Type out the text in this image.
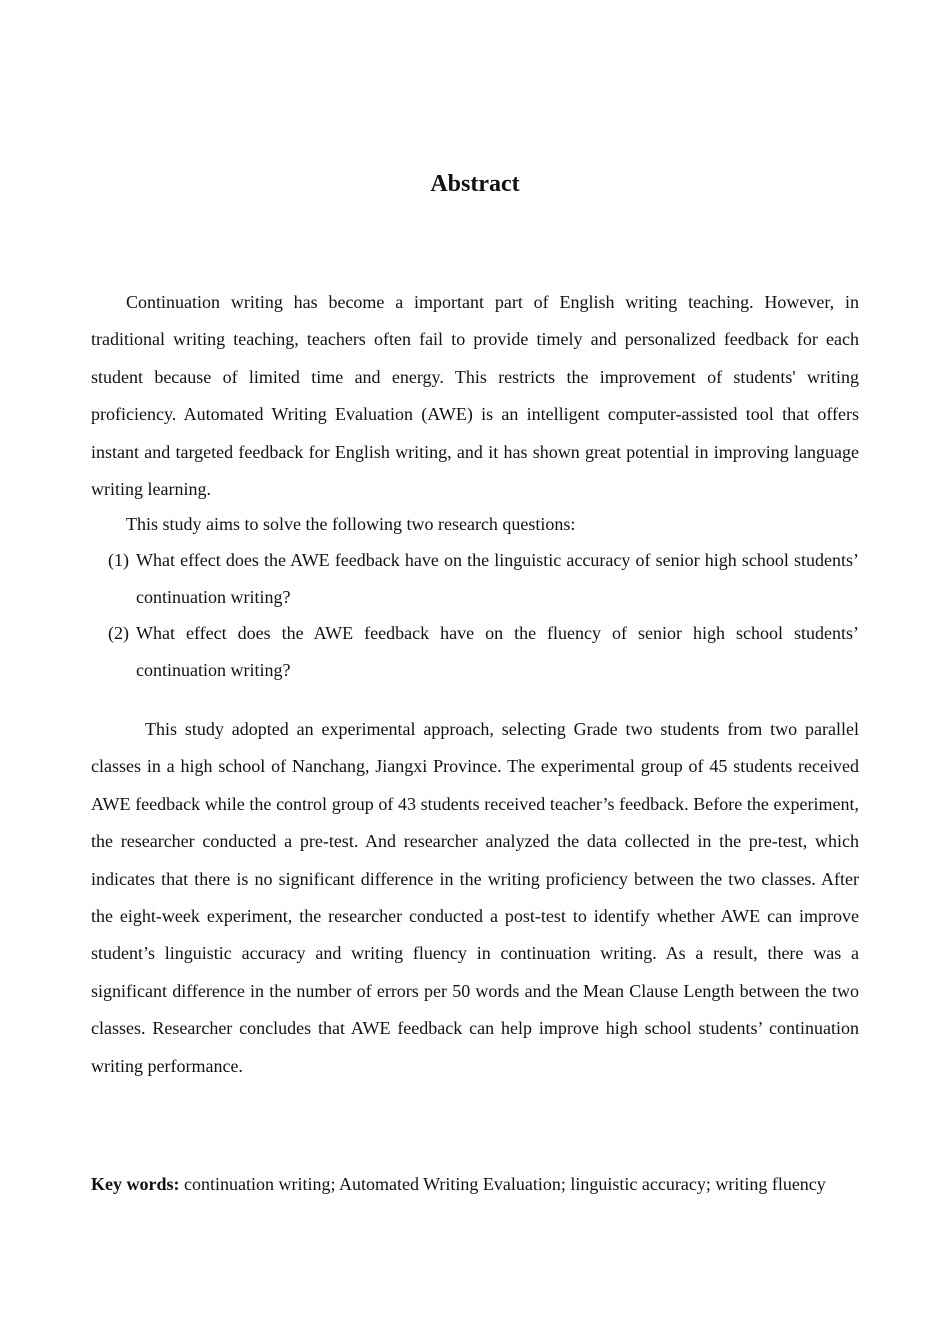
Abstract

Continuation writing has become a important part of English writing teaching. However, in traditional writing teaching, teachers often fail to provide timely and personalized feedback for each student because of limited time and energy. This restricts the improvement of students' writing proficiency. Automated Writing Evaluation (AWE) is an intelligent computer-assisted tool that offers instant and targeted feedback for English writing, and it has shown great potential in improving language writing learning.

This study aims to solve the following two research questions:

(1) What effect does the AWE feedback have on the linguistic accuracy of senior high school students’ continuation writing?
(2) What effect does the AWE feedback have on the fluency of senior high school students’ continuation writing?

This study adopted an experimental approach, selecting Grade two students from two parallel classes in a high school of Nanchang, Jiangxi Province. The experimental group of 45 students received AWE feedback while the control group of 43 students received teacher’s feedback. Before the experiment, the researcher conducted a pre-test. And researcher analyzed the data collected in the pre-test, which indicates that there is no significant difference in the writing proficiency between the two classes. After the eight-week experiment, the researcher conducted a post-test to identify whether AWE can improve student’s linguistic accuracy and writing fluency in continuation writing. As a result, there was a significant difference in the number of errors per 50 words and the Mean Clause Length between the two classes. Researcher concludes that AWE feedback can help improve high school students’ continuation writing performance.

Key words: continuation writing; Automated Writing Evaluation; linguistic accuracy; writing fluency
